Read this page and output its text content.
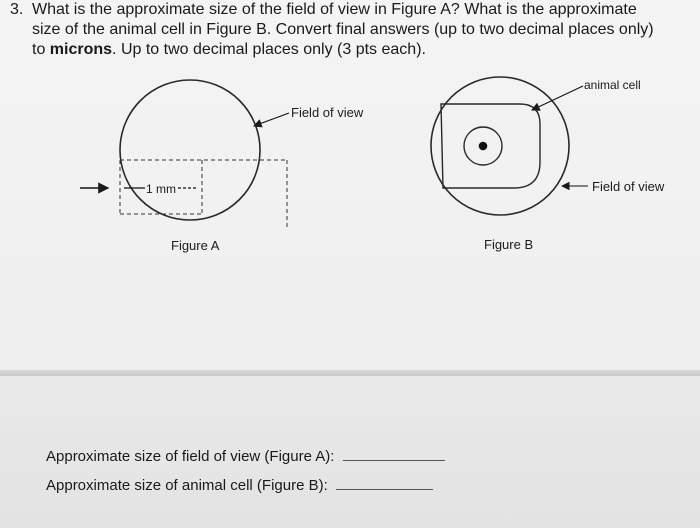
3. What is the approximate size of the field of view in Figure A? What is the approximate
size of the animal cell in Figure B. Convert final answers (up to two decimal places only)
to microns. Up to two decimal places only (3 pts each).
1 mm
Field of view
Figure A
animal cell
Field of view
Figure B
Approximate size of field of view (Figure A):
Approximate size of animal cell (Figure B):
